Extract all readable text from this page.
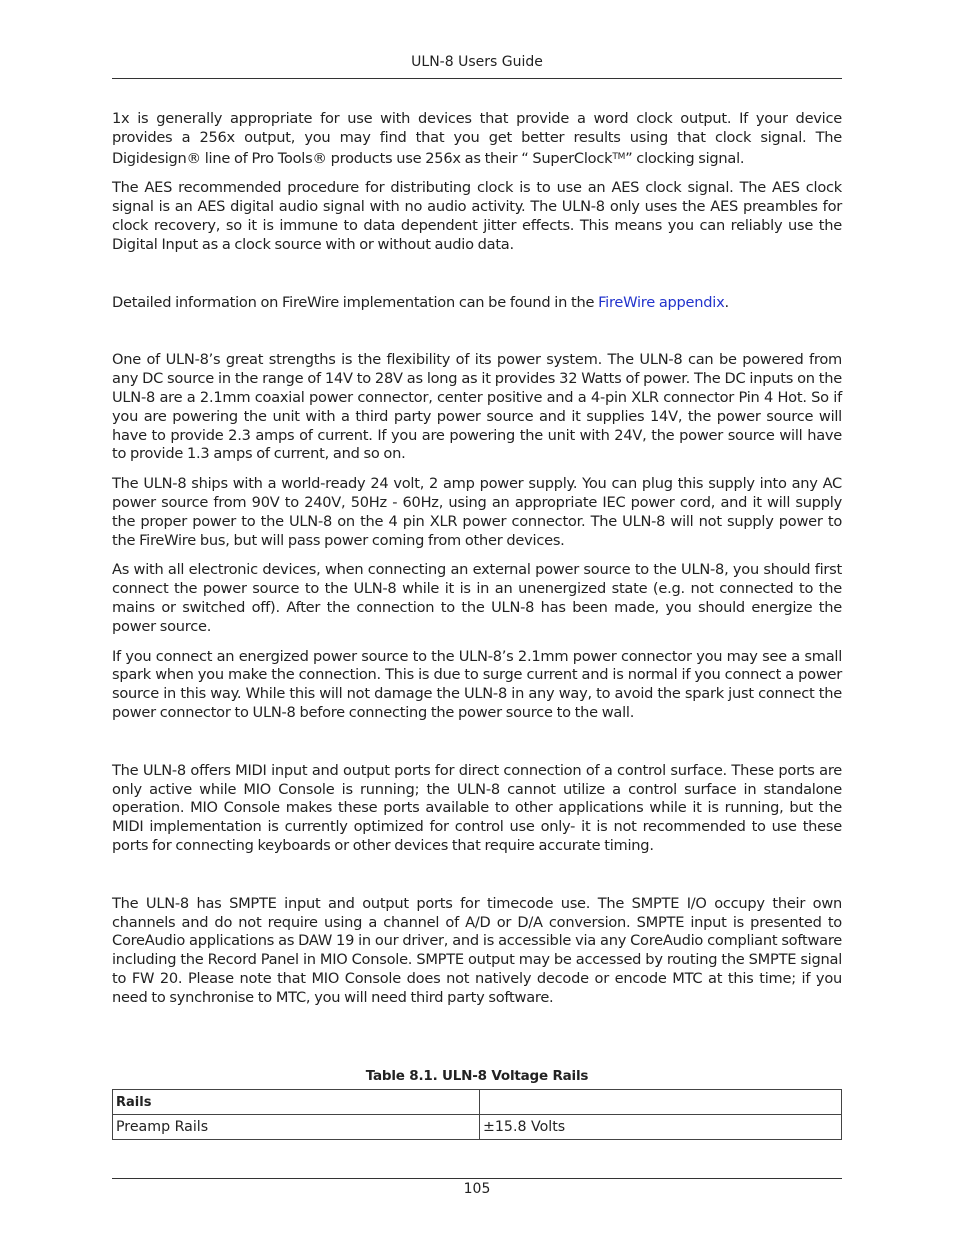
ULN-8 Users Guide

1x is generally appropriate for use with devices that provide a word clock output. If your device provides a 256x output, you may find that you get better results using that clock signal. The Digidesign® line of Pro Tools® products use 256x as their “ SuperClock™” clocking signal.

The AES recommended procedure for distributing clock is to use an AES clock signal. The AES clock signal is an AES digital audio signal with no audio activity. The ULN-8 only uses the AES preambles for clock recovery, so it is immune to data dependent jitter effects. This means you can reliably use the Digital Input as a clock source with or without audio data.

Detailed information on FireWire implementation can be found in the FireWire appendix.

One of ULN-8’s great strengths is the flexibility of its power system. The ULN-8 can be powered from any DC source in the range of 14V to 28V as long as it provides 32 Watts of power. The DC inputs on the ULN-8 are a 2.1mm coaxial power connector, center positive and a 4-pin XLR connector Pin 4 Hot. So if you are powering the unit with a third party power source and it supplies 14V, the power source will have to provide 2.3 amps of current. If you are powering the unit with 24V, the power source will have to provide 1.3 amps of current, and so on.

The ULN-8 ships with a world-ready 24 volt, 2 amp power supply. You can plug this supply into any AC power source from 90V to 240V, 50Hz - 60Hz, using an appropriate IEC power cord, and it will supply the proper power to the ULN-8 on the 4 pin XLR power connector. The ULN-8 will not supply power to the FireWire bus, but will pass power coming from other devices.

As with all electronic devices, when connecting an external power source to the ULN-8, you should first connect the power source to the ULN-8 while it is in an unenergized state (e.g. not connected to the mains or switched off). After the connection to the ULN-8 has been made, you should energize the power source.

If you connect an energized power source to the ULN-8’s 2.1mm power connector you may see a small spark when you make the connection. This is due to surge current and is normal if you connect a power source in this way. While this will not damage the ULN-8 in any way, to avoid the spark just connect the power connector to ULN-8 before connecting the power source to the wall.

The ULN-8 offers MIDI input and output ports for direct connection of a control surface. These ports are only active while MIO Console is running; the ULN-8 cannot utilize a control surface in standalone operation. MIO Console makes these ports available to other applications while it is running, but the MIDI implementation is currently optimized for control use only- it is not recommended to use these ports for connecting keyboards or other devices that require accurate timing.

The ULN-8 has SMPTE input and output ports for timecode use. The SMPTE I/O occupy their own channels and do not require using a channel of A/D or D/A conversion. SMPTE input is presented to CoreAudio applications as DAW 19 in our driver, and is accessible via any CoreAudio compliant software including the Record Panel in MIO Console. SMPTE output may be accessed by routing the SMPTE signal to FW 20. Please note that MIO Console does not natively decode or encode MTC at this time; if you need to synchronise to MTC, you will need third party software.

Table 8.1. ULN-8 Voltage Rails
Rails	
Preamp Rails	±15.8 Volts
105
